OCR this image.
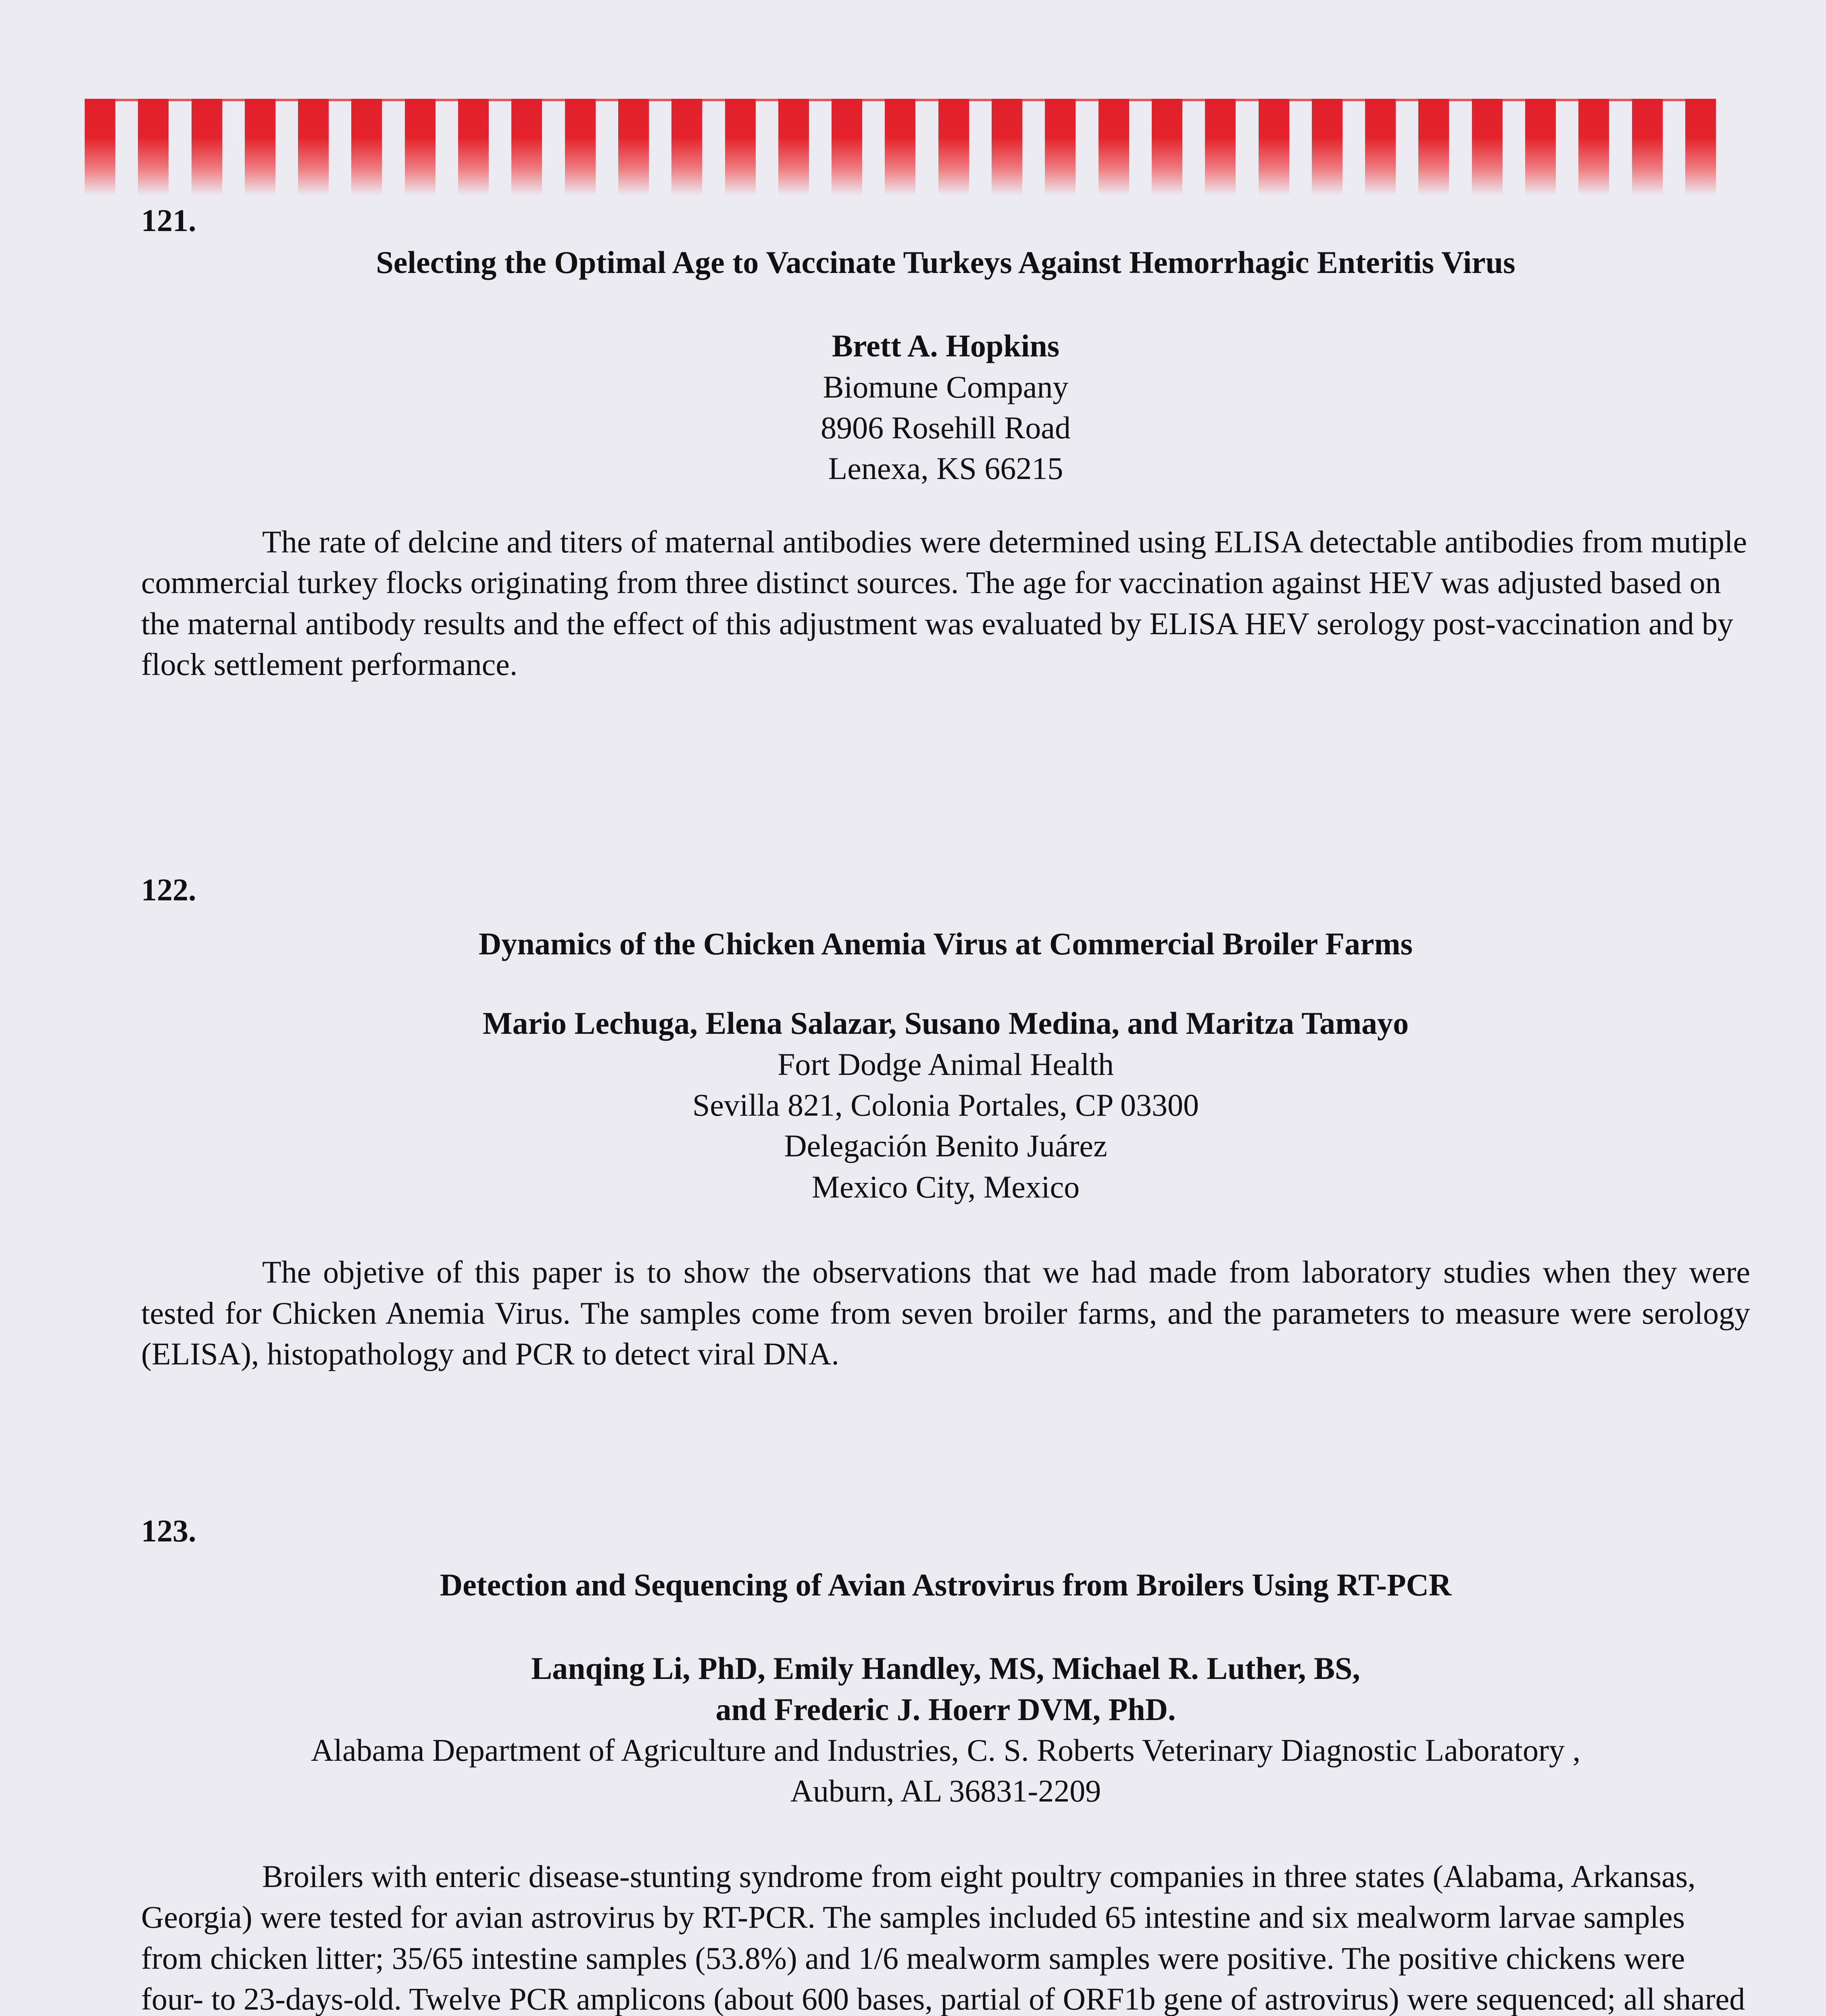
121.

Selecting the Optimal Age to Vaccinate Turkeys Against Hemorrhagic Enteritis Virus

Brett A. Hopkins

Biomune Company

8906 Rosehill Road

Lenexa, KS 66215

The rate of delcine and titers of maternal antibodies were determined using ELISA detectable antibodies from mutiple commercial turkey flocks originating from three distinct sources. The age for vaccination against HEV was adjusted based on the maternal antibody results and the effect of this adjustment was evaluated by ELISA HEV serology post-vaccination and by flock settlement performance.

122.

Dynamics of the Chicken Anemia Virus at Commercial Broiler Farms

Mario Lechuga, Elena Salazar, Susano Medina, and Maritza Tamayo

Fort Dodge Animal Health

Sevilla 821, Colonia Portales, CP 03300

Delegación Benito Juárez

Mexico City, Mexico

The objetive of this paper is to show the observations that we had made from laboratory studies when they were tested for Chicken Anemia Virus. The samples come from seven broiler farms, and the parameters to measure were serology (ELISA), histopathology and PCR to detect viral DNA.

123.

Detection and Sequencing of Avian Astrovirus from Broilers Using RT-PCR

Lanqing Li, PhD, Emily Handley, MS, Michael R. Luther, BS,

and Frederic J. Hoerr DVM, PhD.

Alabama Department of Agriculture and Industries, C. S. Roberts Veterinary Diagnostic Laboratory ,

Auburn, AL 36831-2209

Broilers with enteric disease-stunting syndrome from eight poultry companies in three states (Alabama, Arkansas, Georgia) were tested for avian astrovirus by RT-PCR. The samples included 65 intestine and six mealworm larvae samples from chicken litter; 35/65 intestine samples (53.8%) and 1/6 mealworm samples were positive. The positive chickens were four- to 23-days-old. Twelve PCR amplicons (about 600 bases, partial of ORF1b gene of astrovirus) were sequenced; all shared
